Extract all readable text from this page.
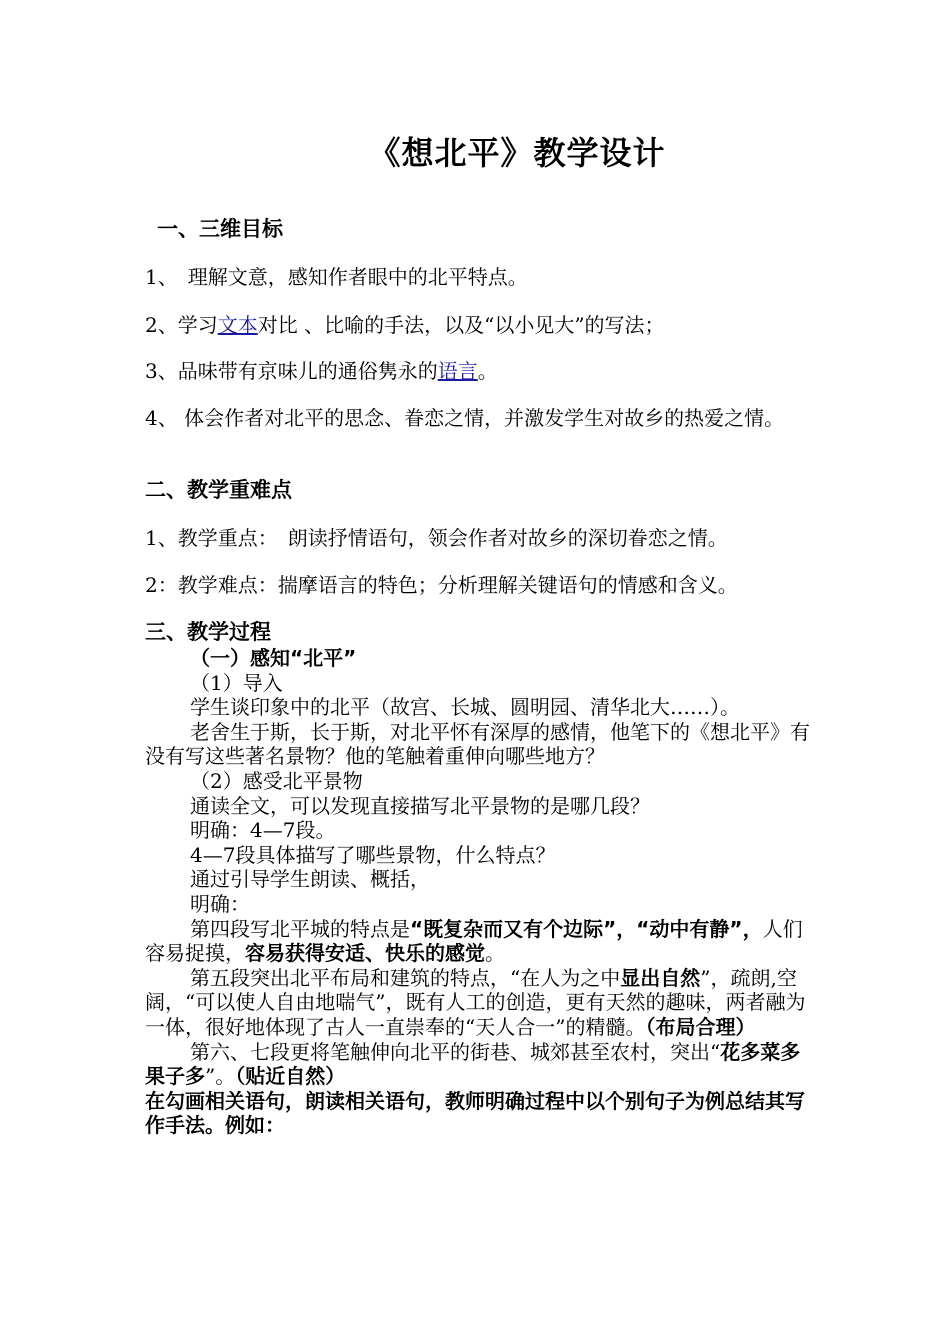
《想北平》教学设计
一、三维目标

1、　理解文意，感知作者眼中的北平特点。

2、学习文本对比 、比喻的手法，以及“以小见大”的写法；

3、品味带有京味儿的通俗隽永的语言。

4、 体会作者对北平的思念、眷恋之情，并激发学生对故乡的热爱之情。

二、教学重难点

1、教学重点：　朗读抒情语句，领会作者对故乡的深切眷恋之情。

2：教学难点：揣摩语言的特色；分析理解关键语句的情感和含义。

三、教学过程

（一）感知“北平”

（1）导入

学生谈印象中的北平（故宫、长城、圆明园、清华北大……）。

老舍生于斯，长于斯，对北平怀有深厚的感情，他笔下的《想北平》有没有写这些著名景物？他的笔触着重伸向哪些地方？

（2）感受北平景物

通读全文，可以发现直接描写北平景物的是哪几段？

明确：4—7段。

4—7段具体描写了哪些景物，什么特点？

通过引导学生朗读、概括，

明确：

第四段写北平城的特点是“既复杂而又有个边际”，“动中有静”，人们容易捉摸，容易获得安适、快乐的感觉。

第五段突出北平布局和建筑的特点，“在人为之中显出自然”，疏朗,空阔，“可以使人自由地喘气”，既有人工的创造，更有天然的趣味，两者融为一体，很好地体现了古人一直崇奉的“天人合一”的精髓。（布局合理）

第六、七段更将笔触伸向北平的街巷、城郊甚至农村，突出“花多菜多果子多”。（贴近自然）

在勾画相关语句，朗读相关语句，教师明确过程中以个别句子为例总结其写作手法。例如：
